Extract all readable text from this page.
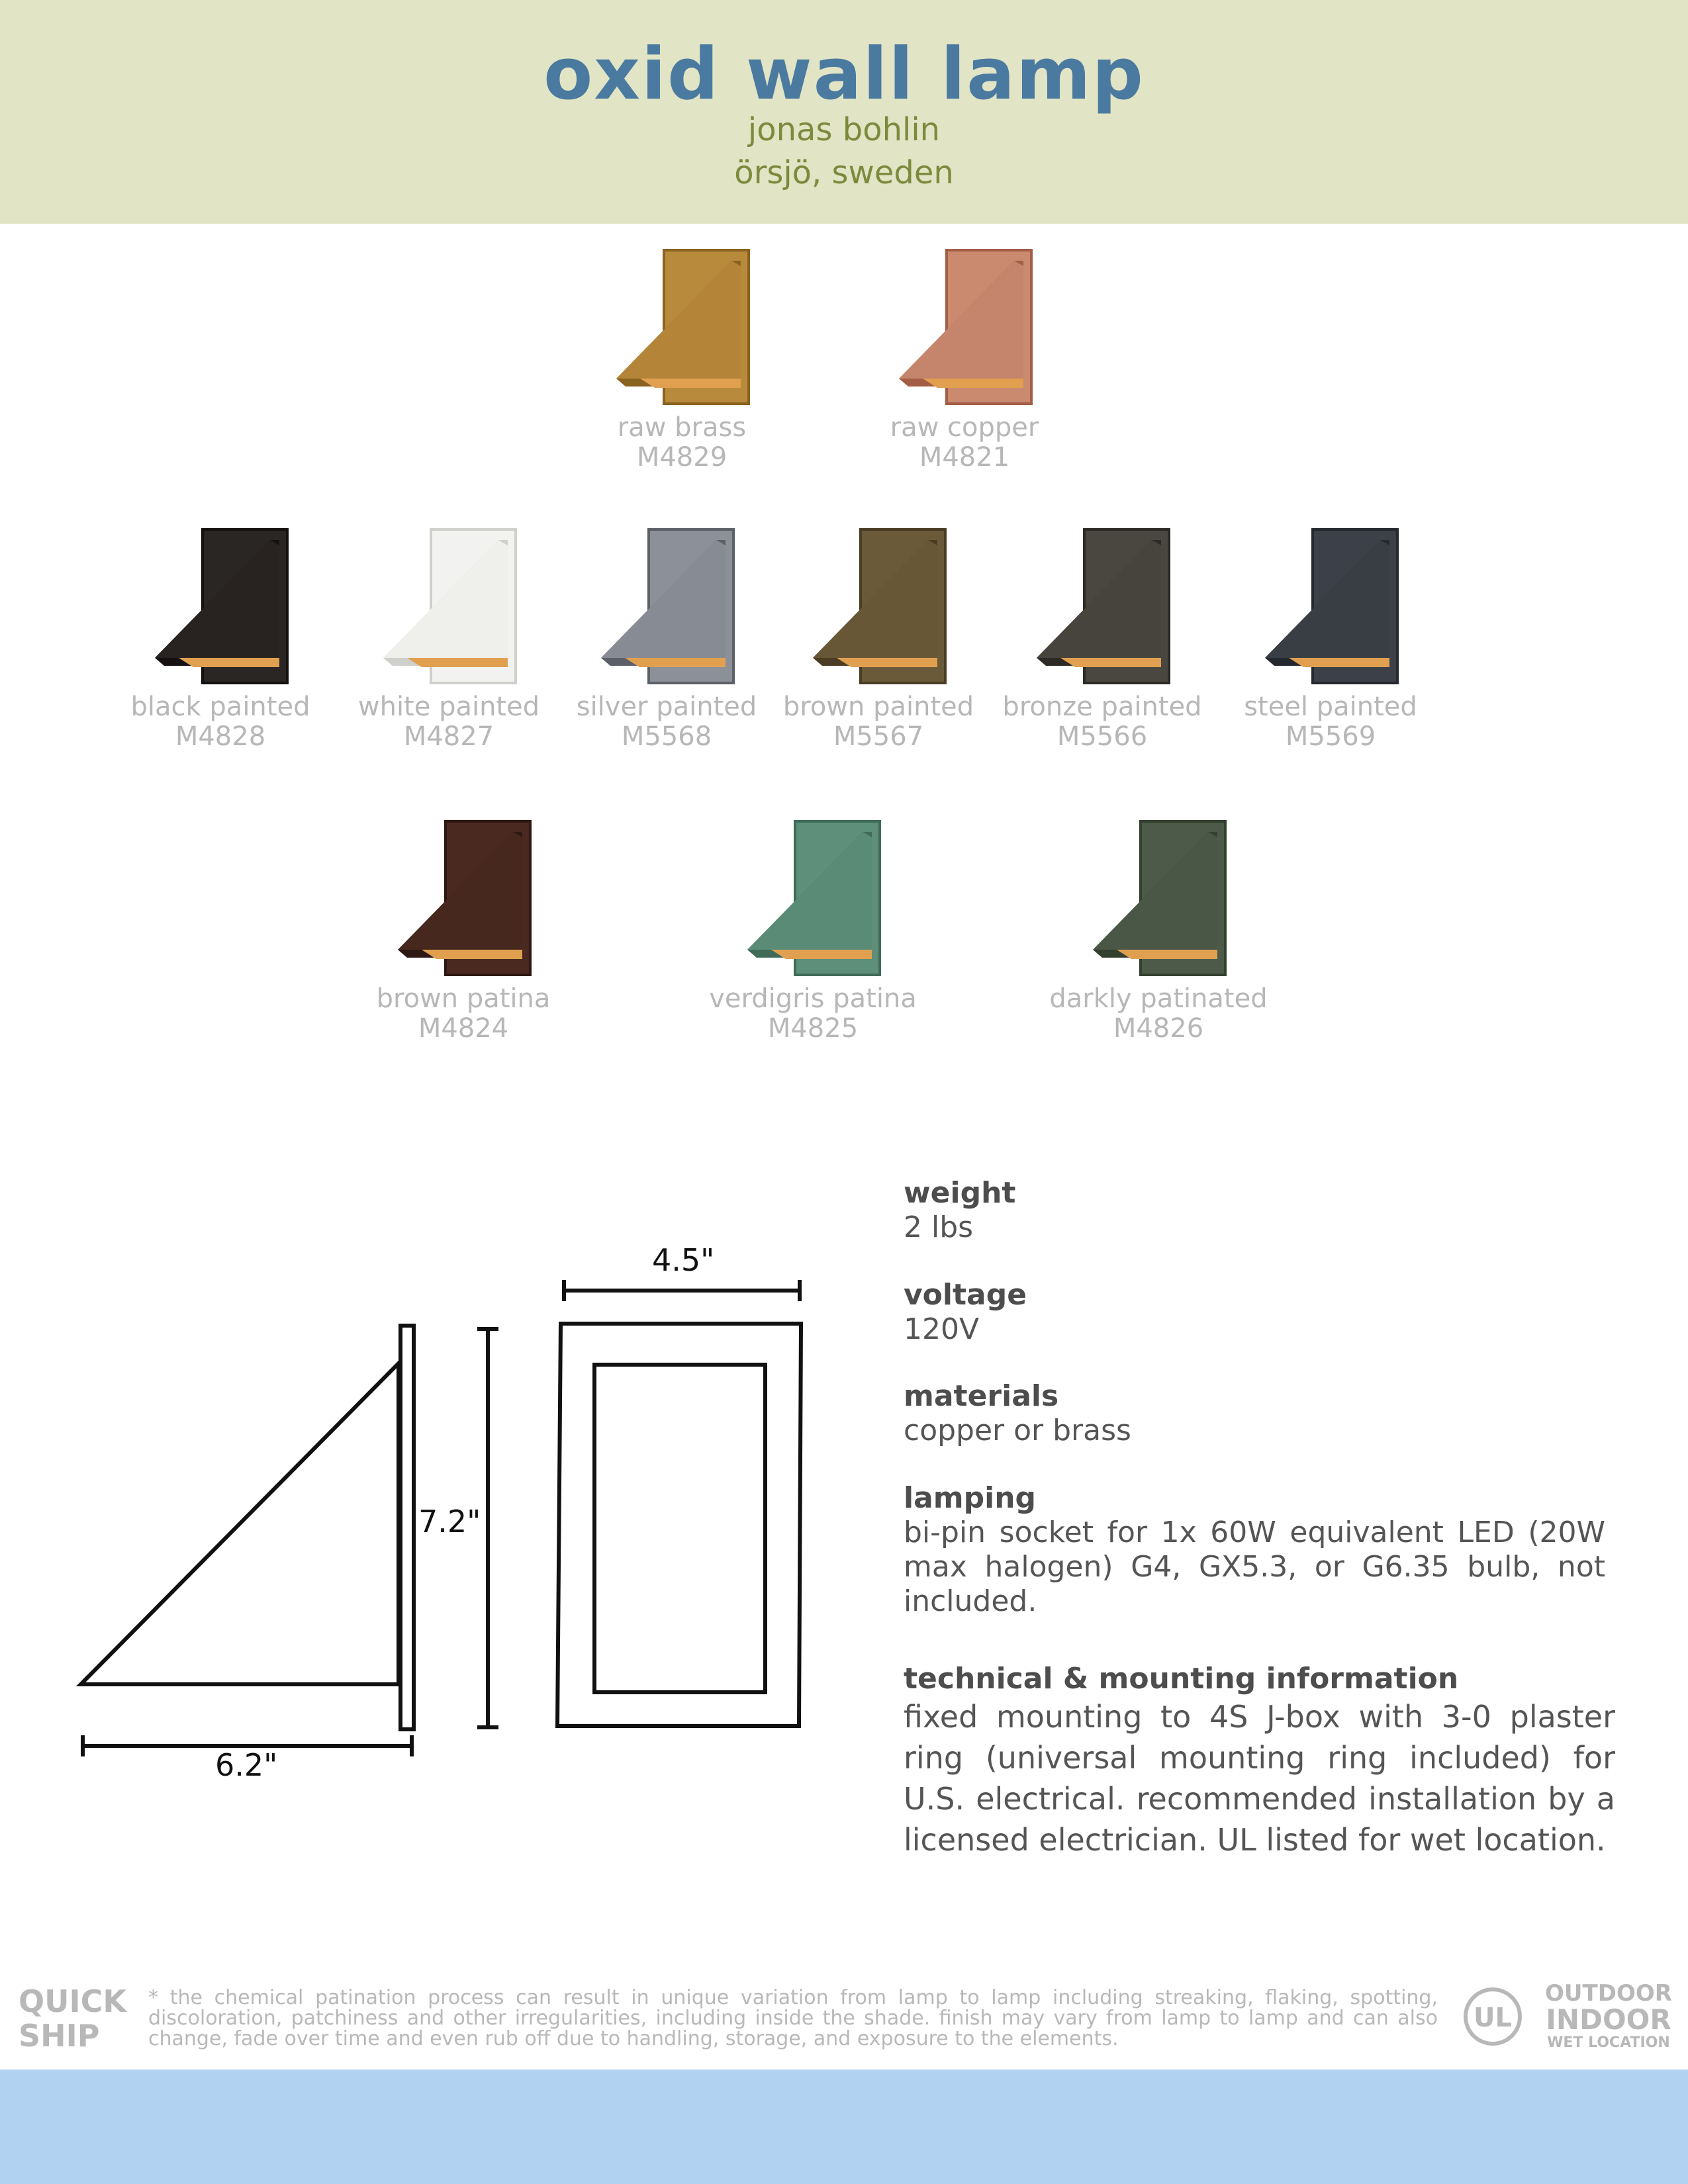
oxid wall lamp
jonas bohlin
örsjö, sweden
raw brass
M4829
raw copper
M4821
black painted
M4828
white painted
M4827
silver painted
M5568
brown painted
M5567
bronze painted
M5566
steel painted
M5569
brown patina
M4824
verdigris patina
M4825
darkly patinated
M4826
4.5"
7.2"
6.2"
weight
2 lbs
voltage
120V
materials
copper or brass
lamping
bi-pin socket for 1x 60W equivalent LED (20W max halogen) G4, GX5.3, or G6.35 bulb, not included.
technical & mounting information
fixed mounting to 4S J-box with 3-0 plaster ring (universal mounting ring included) for U.S. electrical. recommended installation by a licensed electrician. UL listed for wet location.
QUICK
SHIP
* the chemical patination process can result in unique variation from lamp to lamp including streaking, flaking, spotting, discoloration, patchiness and other irregularities, including inside the shade. finish may vary from lamp to lamp and can also change, fade over time and even rub off due to handling, storage, and exposure to the elements.
UL
OUTDOOR
INDOOR
WET LOCATION
